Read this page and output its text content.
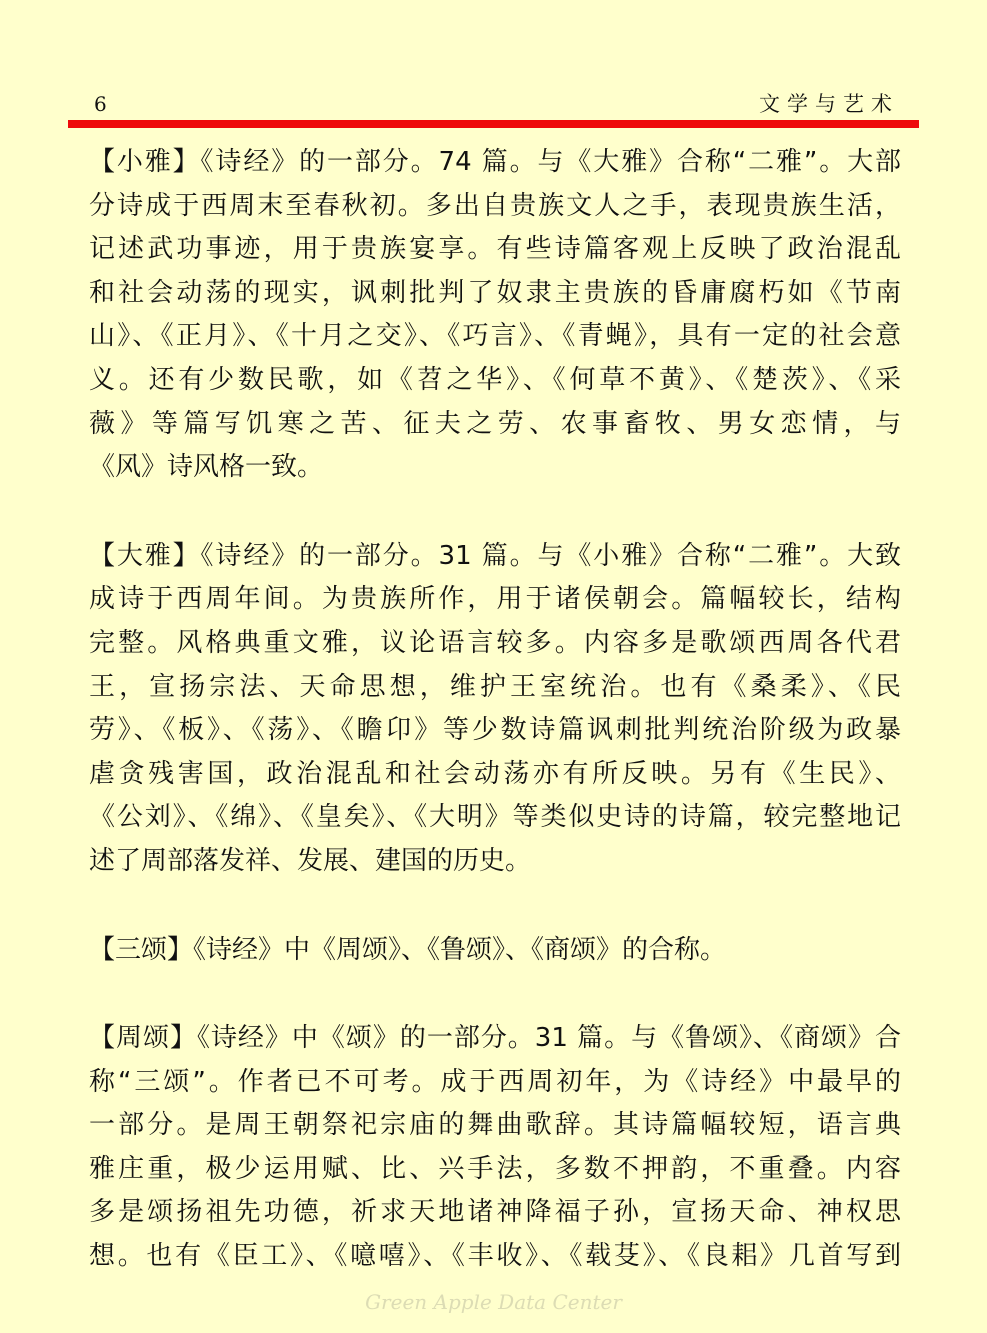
6	文学与艺术
【小雅】《诗经》的一部分。74 篇。与《大雅》合称“二雅”。大部
分诗成于西周末至春秋初。多出自贵族文人之手，表现贵族生活，
记述武功事迹，用于贵族宴享。有些诗篇客观上反映了政治混乱
和社会动荡的现实，讽刺批判了奴隶主贵族的昏庸腐朽如《节南
山》、《正月》、《十月之交》、《巧言》、《青蝇》，具有一定的社会意
义。还有少数民歌，如《苕之华》、《何草不黄》、《楚茨》、《采
薇》等篇写饥寒之苦、征夫之劳、农事畜牧、男女恋情，与
《风》诗风格一致。
【大雅】《诗经》的一部分。31 篇。与《小雅》合称“二雅”。大致
成诗于西周年间。为贵族所作，用于诸侯朝会。篇幅较长，结构
完整。风格典重文雅，议论语言较多。内容多是歌颂西周各代君
王，宣扬宗法、天命思想，维护王室统治。也有《桑柔》、《民
劳》、《板》、《荡》、《瞻卬》等少数诗篇讽刺批判统治阶级为政暴
虐贪残害国，政治混乱和社会动荡亦有所反映。另有《生民》、
《公刘》、《绵》、《皇矣》、《大明》等类似史诗的诗篇，较完整地记
述了周部落发祥、发展、建国的历史。
【三颂】《诗经》中《周颂》、《鲁颂》、《商颂》的合称。
【周颂】《诗经》中《颂》的一部分。31 篇。与《鲁颂》、《商颂》合
称“三颂”。作者已不可考。成于西周初年，为《诗经》中最早的
一部分。是周王朝祭祀宗庙的舞曲歌辞。其诗篇幅较短，语言典
雅庄重，极少运用赋、比、兴手法，多数不押韵，不重叠。内容
多是颂扬祖先功德，祈求天地诸神降福子孙，宣扬天命、神权思
想。也有《臣工》、《噫嘻》、《丰收》、《载芟》、《良耜》几首写到
Green Apple Data Center
